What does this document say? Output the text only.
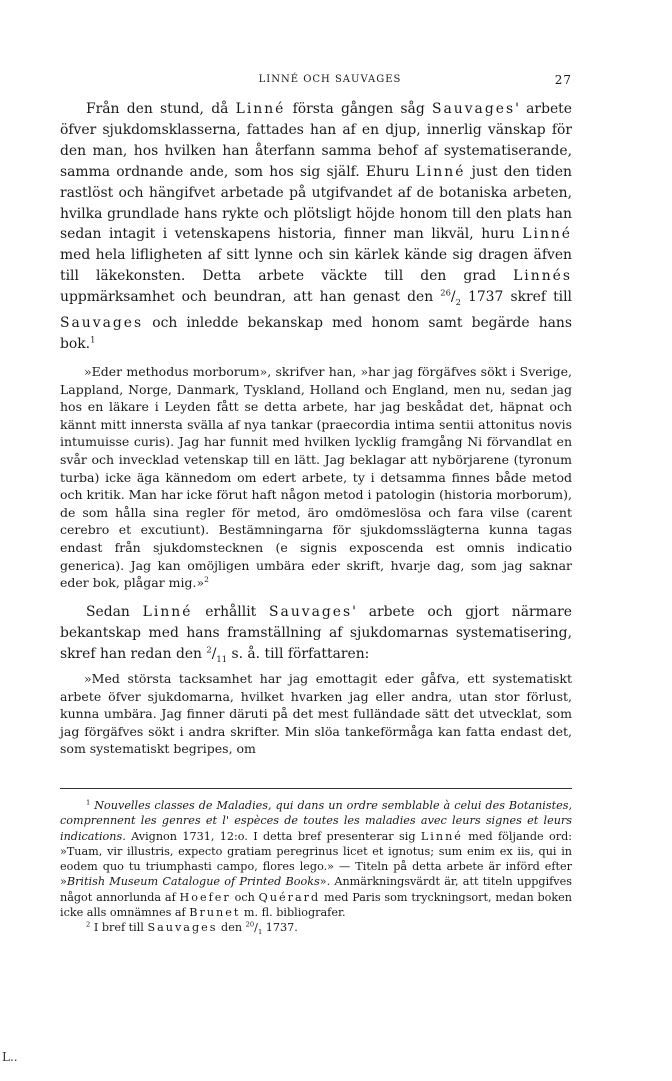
LINNÉ OCH SAUVAGES	27

Från den stund, då Linné första gången såg Sauvages' arbete öfver sjukdomsklasserna, fattades han af en djup, innerlig vänskap för den man, hos hvilken han återfann samma behof af systematiserande, samma ordnande ande, som hos sig själf. Ehuru Linné just den tiden rastlöst och hängifvet arbetade på utgifvandet af de botaniska arbeten, hvilka grundlade hans rykte och plötsligt höjde honom till den plats han sedan intagit i vetenskapens historia, finner man likväl, huru Linné med hela lifligheten af sitt lynne och sin kärlek kände sig dragen äfven till läkekonsten. Detta arbete väckte till den grad Linnés uppmärksamhet och beundran, att han genast den $^{26}/_2$ 1737 skref till Sauvages och inledde bekanskap med honom samt begärde hans bok.$^1$

»Eder methodus morborum», skrifver han, »har jag förgäfves sökt i Sverige, Lappland, Norge, Danmark, Tyskland, Holland och England, men nu, sedan jag hos en läkare i Leyden fått se detta arbete, har jag beskådat det, häpnat och kännt mitt innersta svälla af nya tankar (praecordia intima sentii attonitus novis intumuisse curis). Jag har funnit med hvilken lycklig framgång Ni förvandlat en svår och invecklad vetenskap till en lätt. Jag beklagar att nybörjarene (tyronum turba) icke äga kännedom om edert arbete, ty i detsamma finnes både metod och kritik. Man har icke förut haft någon metod i patologin (historia morborum), de som hålla sina regler för metod, äro omdömeslösa och fara vilse (carent cerebro et excutiunt). Bestämningarna för sjukdomsslägterna kunna tagas endast från sjukdomstecknen (e signis exposcenda est omnis indicatio generica). Jag kan omöjligen umbära eder skrift, hvarje dag, som jag saknar eder bok, plågar mig.»$^2$

Sedan Linné erhållit Sauvages' arbete och gjort närmare bekantskap med hans framställning af sjukdomarnas systematisering, skref han redan den $^2/_{11}$ s. å. till författaren:

»Med största tacksamhet har jag emottagit eder gåfva, ett systematiskt arbete öfver sjukdomarna, hvilket hvarken jag eller andra, utan stor förlust, kunna umbära. Jag finner däruti på det mest fulländade sätt det utvecklat, som jag förgäfves sökt i andra skrifter. Min slöa tankeförmåga kan fatta endast det, som systematiskt begripes, om

$^1$ Nouvelles classes de Maladies, qui dans un ordre semblable à celui des Botanistes, comprennent les genres et l' espèces de toutes les maladies avec leurs signes et leurs indications. Avignon 1731, 12:o. I detta bref presenterar sig Linné med följande ord: »Tuam, vir illustris, expecto gratiam peregrinus licet et ignotus; sum enim ex iis, qui in eodem quo tu triumphasti campo, flores lego.» — Titeln på detta arbete är införd efter »British Museum Catalogue of Printed Books». Anmärkningsvärdt är, att titeln uppgifves något annorlunda af Hoefer och Quérard med Paris som tryckningsort, medan boken icke alls omnämnes af Brunet m. fl. bibliografer.

$^2$ I bref till Sauvages den $^{20}/_1$ 1737.

L..
